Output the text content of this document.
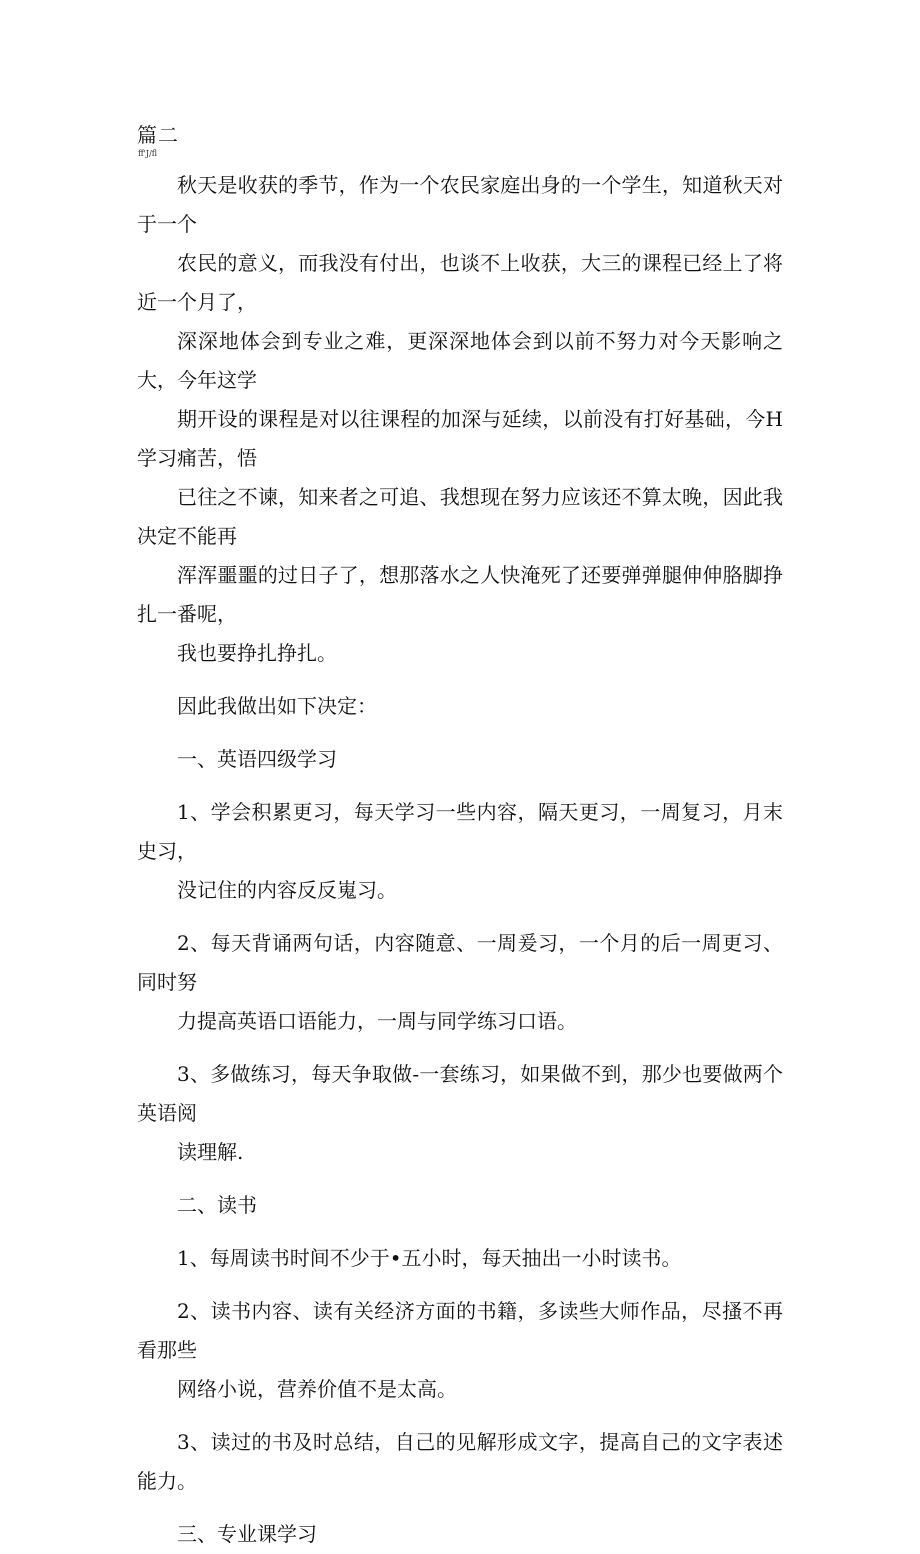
篇二
ff'J/fl

秋天是收获的季节，作为一个农民家庭出身的一个学生，知道秋天对于一个
农民的意义，而我没有付出，也谈不上收获，大三的课程已经上了将近一个月了，
深深地体会到专业之难，更深深地体会到以前不努力对今天影响之大，今年这学
期开设的课程是对以往课程的加深与延续，以前没有打好基础，今H学习痛苦，悟
已往之不谏，知来者之可追、我想现在努力应该还不算太晚，因此我决定不能再
浑浑噩噩的过日子了，想那落水之人快淹死了还要弹弹腿伸伸胳脚挣扎一番呢，
我也要挣扎挣扎。

因此我做出如下决定：

一、英语四级学习

1、学会积累更习，每天学习一些内容，隔天更习，一周复习，月末史习，
没记住的内容反反嵬习。

2、每天背诵两句话，内容随意、一周爰习，一个月的后一周更习、同时努
力提高英语口语能力，一周与同学练习口语。

3、多做练习，每天争取做-一套练习，如果做不到，那少也要做两个英语阅
读理解.

二、读书

1、每周读书时间不少于•五小时，每天抽出一小时读书。

2、读书内容、读有关经济方面的书籍，多读些大师作品，尽搔不再看那些
网络小说，营养价值不是太高。

3、读过的书及时总结，自己的见解形成文字，提高自己的文字表述能力。

三、专业课学习
